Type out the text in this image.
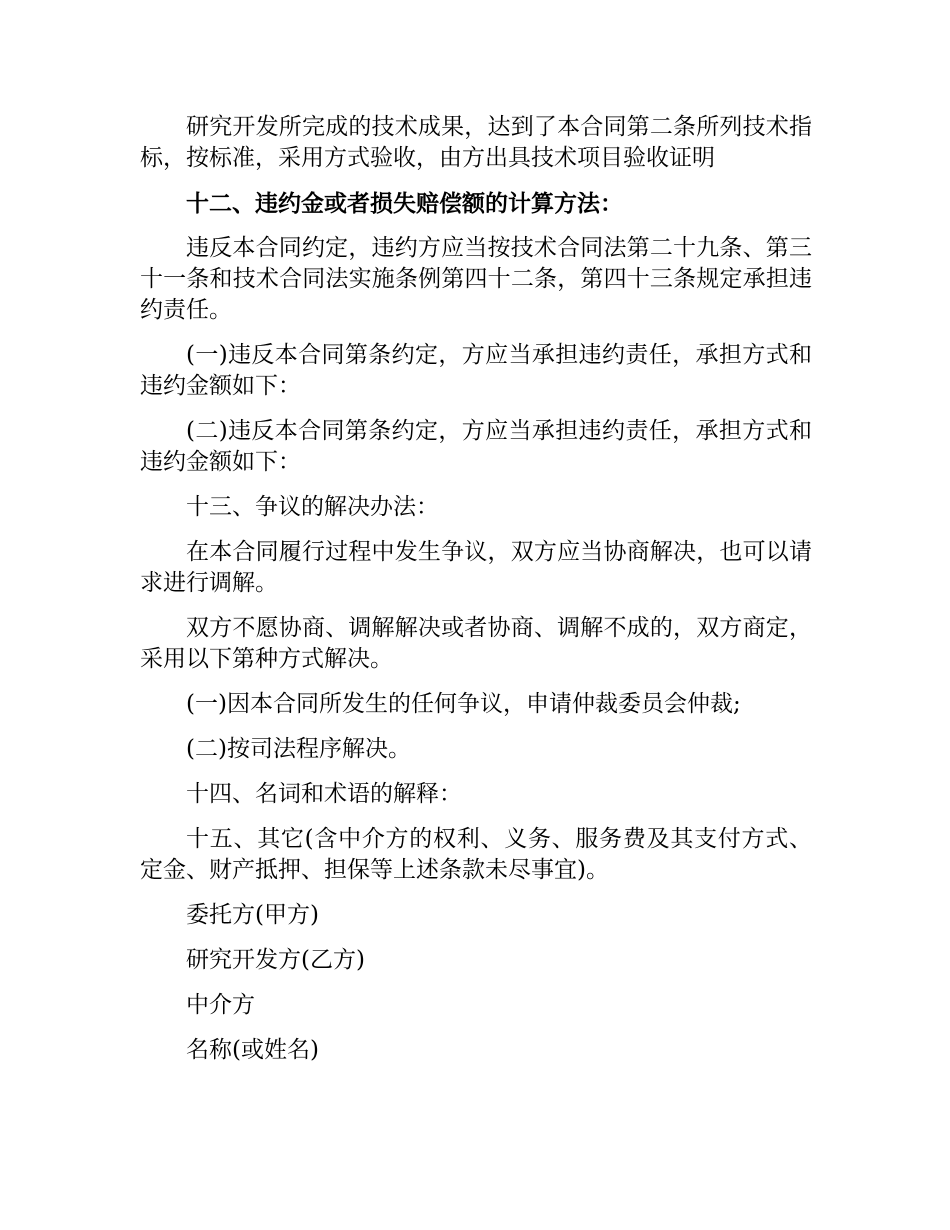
研究开发所完成的技术成果，达到了本合同第二条所列技术指标，按标准，采用方式验收，由方出具技术项目验收证明

十二、违约金或者损失赔偿额的计算方法：

违反本合同约定，违约方应当按技术合同法第二十九条、第三十一条和技术合同法实施条例第四十二条，第四十三条规定承担违约责任。

(一)违反本合同第条约定，方应当承担违约责任，承担方式和违约金额如下：

(二)违反本合同第条约定，方应当承担违约责任，承担方式和违约金额如下：

十三、争议的解决办法：

在本合同履行过程中发生争议，双方应当协商解决，也可以请求进行调解。

双方不愿协商、调解解决或者协商、调解不成的，双方商定，采用以下第种方式解决。

(一)因本合同所发生的任何争议，申请仲裁委员会仲裁;

(二)按司法程序解决。

十四、名词和术语的解释：

十五、其它(含中介方的权利、义务、服务费及其支付方式、定金、财产抵押、担保等上述条款未尽事宜)。

委托方(甲方)

研究开发方(乙方)

中介方

名称(或姓名)
